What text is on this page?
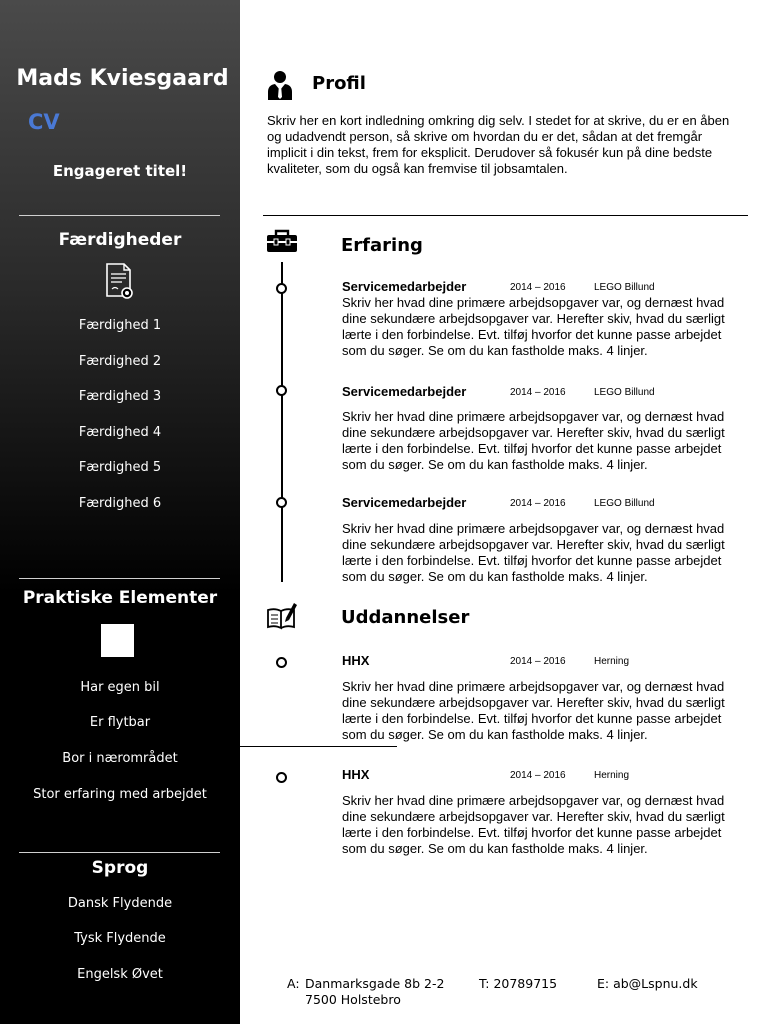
Mads Kviesgaard
CV
Engageret titel!
Færdigheder
Færdighed 1
Færdighed 2
Færdighed 3
Færdighed 4
Færdighed 5
Færdighed 6
Praktiske Elementer
Har egen bil
Er flytbar
Bor i nærområdet
Stor erfaring med arbejdet
Sprog
Dansk Flydende
Tysk Flydende
Engelsk Øvet
Profil
Skriv her en kort indledning omkring dig selv. I stedet for at skrive, du er en åben og udadvendt person, så skrive om hvordan du er det, sådan at det fremgår implicit i din tekst, frem for eksplicit. Derudover så fokusér kun på dine bedste kvaliteter, som du også kan fremvise til jobsamtalen.
Erfaring
Servicemedarbejder	2014 – 2016	LEGO Billund
Skriv her hvad dine primære arbejdsopgaver var, og dernæst hvad dine sekundære arbejdsopgaver var. Herefter skiv, hvad du særligt lærte i den forbindelse. Evt. tilføj hvorfor det kunne passe arbejdet som du søger. Se om du kan fastholde maks. 4 linjer.
Servicemedarbejder	2014 – 2016	LEGO Billund
Skriv her hvad dine primære arbejdsopgaver var, og dernæst hvad dine sekundære arbejdsopgaver var. Herefter skiv, hvad du særligt lærte i den forbindelse. Evt. tilføj hvorfor det kunne passe arbejdet som du søger. Se om du kan fastholde maks. 4 linjer.
Servicemedarbejder	2014 – 2016	LEGO Billund
Skriv her hvad dine primære arbejdsopgaver var, og dernæst hvad dine sekundære arbejdsopgaver var. Herefter skiv, hvad du særligt lærte i den forbindelse. Evt. tilføj hvorfor det kunne passe arbejdet som du søger. Se om du kan fastholde maks. 4 linjer.
Uddannelser
HHX	2014 – 2016	Herning
Skriv her hvad dine primære arbejdsopgaver var, og dernæst hvad dine sekundære arbejdsopgaver var. Herefter skiv, hvad du særligt lærte i den forbindelse. Evt. tilføj hvorfor det kunne passe arbejdet som du søger. Se om du kan fastholde maks. 4 linjer.
HHX	2014 – 2016	Herning
Skriv her hvad dine primære arbejdsopgaver var, og dernæst hvad dine sekundære arbejdsopgaver var. Herefter skiv, hvad du særligt lærte i den forbindelse. Evt. tilføj hvorfor det kunne passe arbejdet som du søger. Se om du kan fastholde maks. 4 linjer.
A: Danmarksgade 8b 2-2
7500 Holstebro
T: 20789715	E: ab@Lspnu.dk
